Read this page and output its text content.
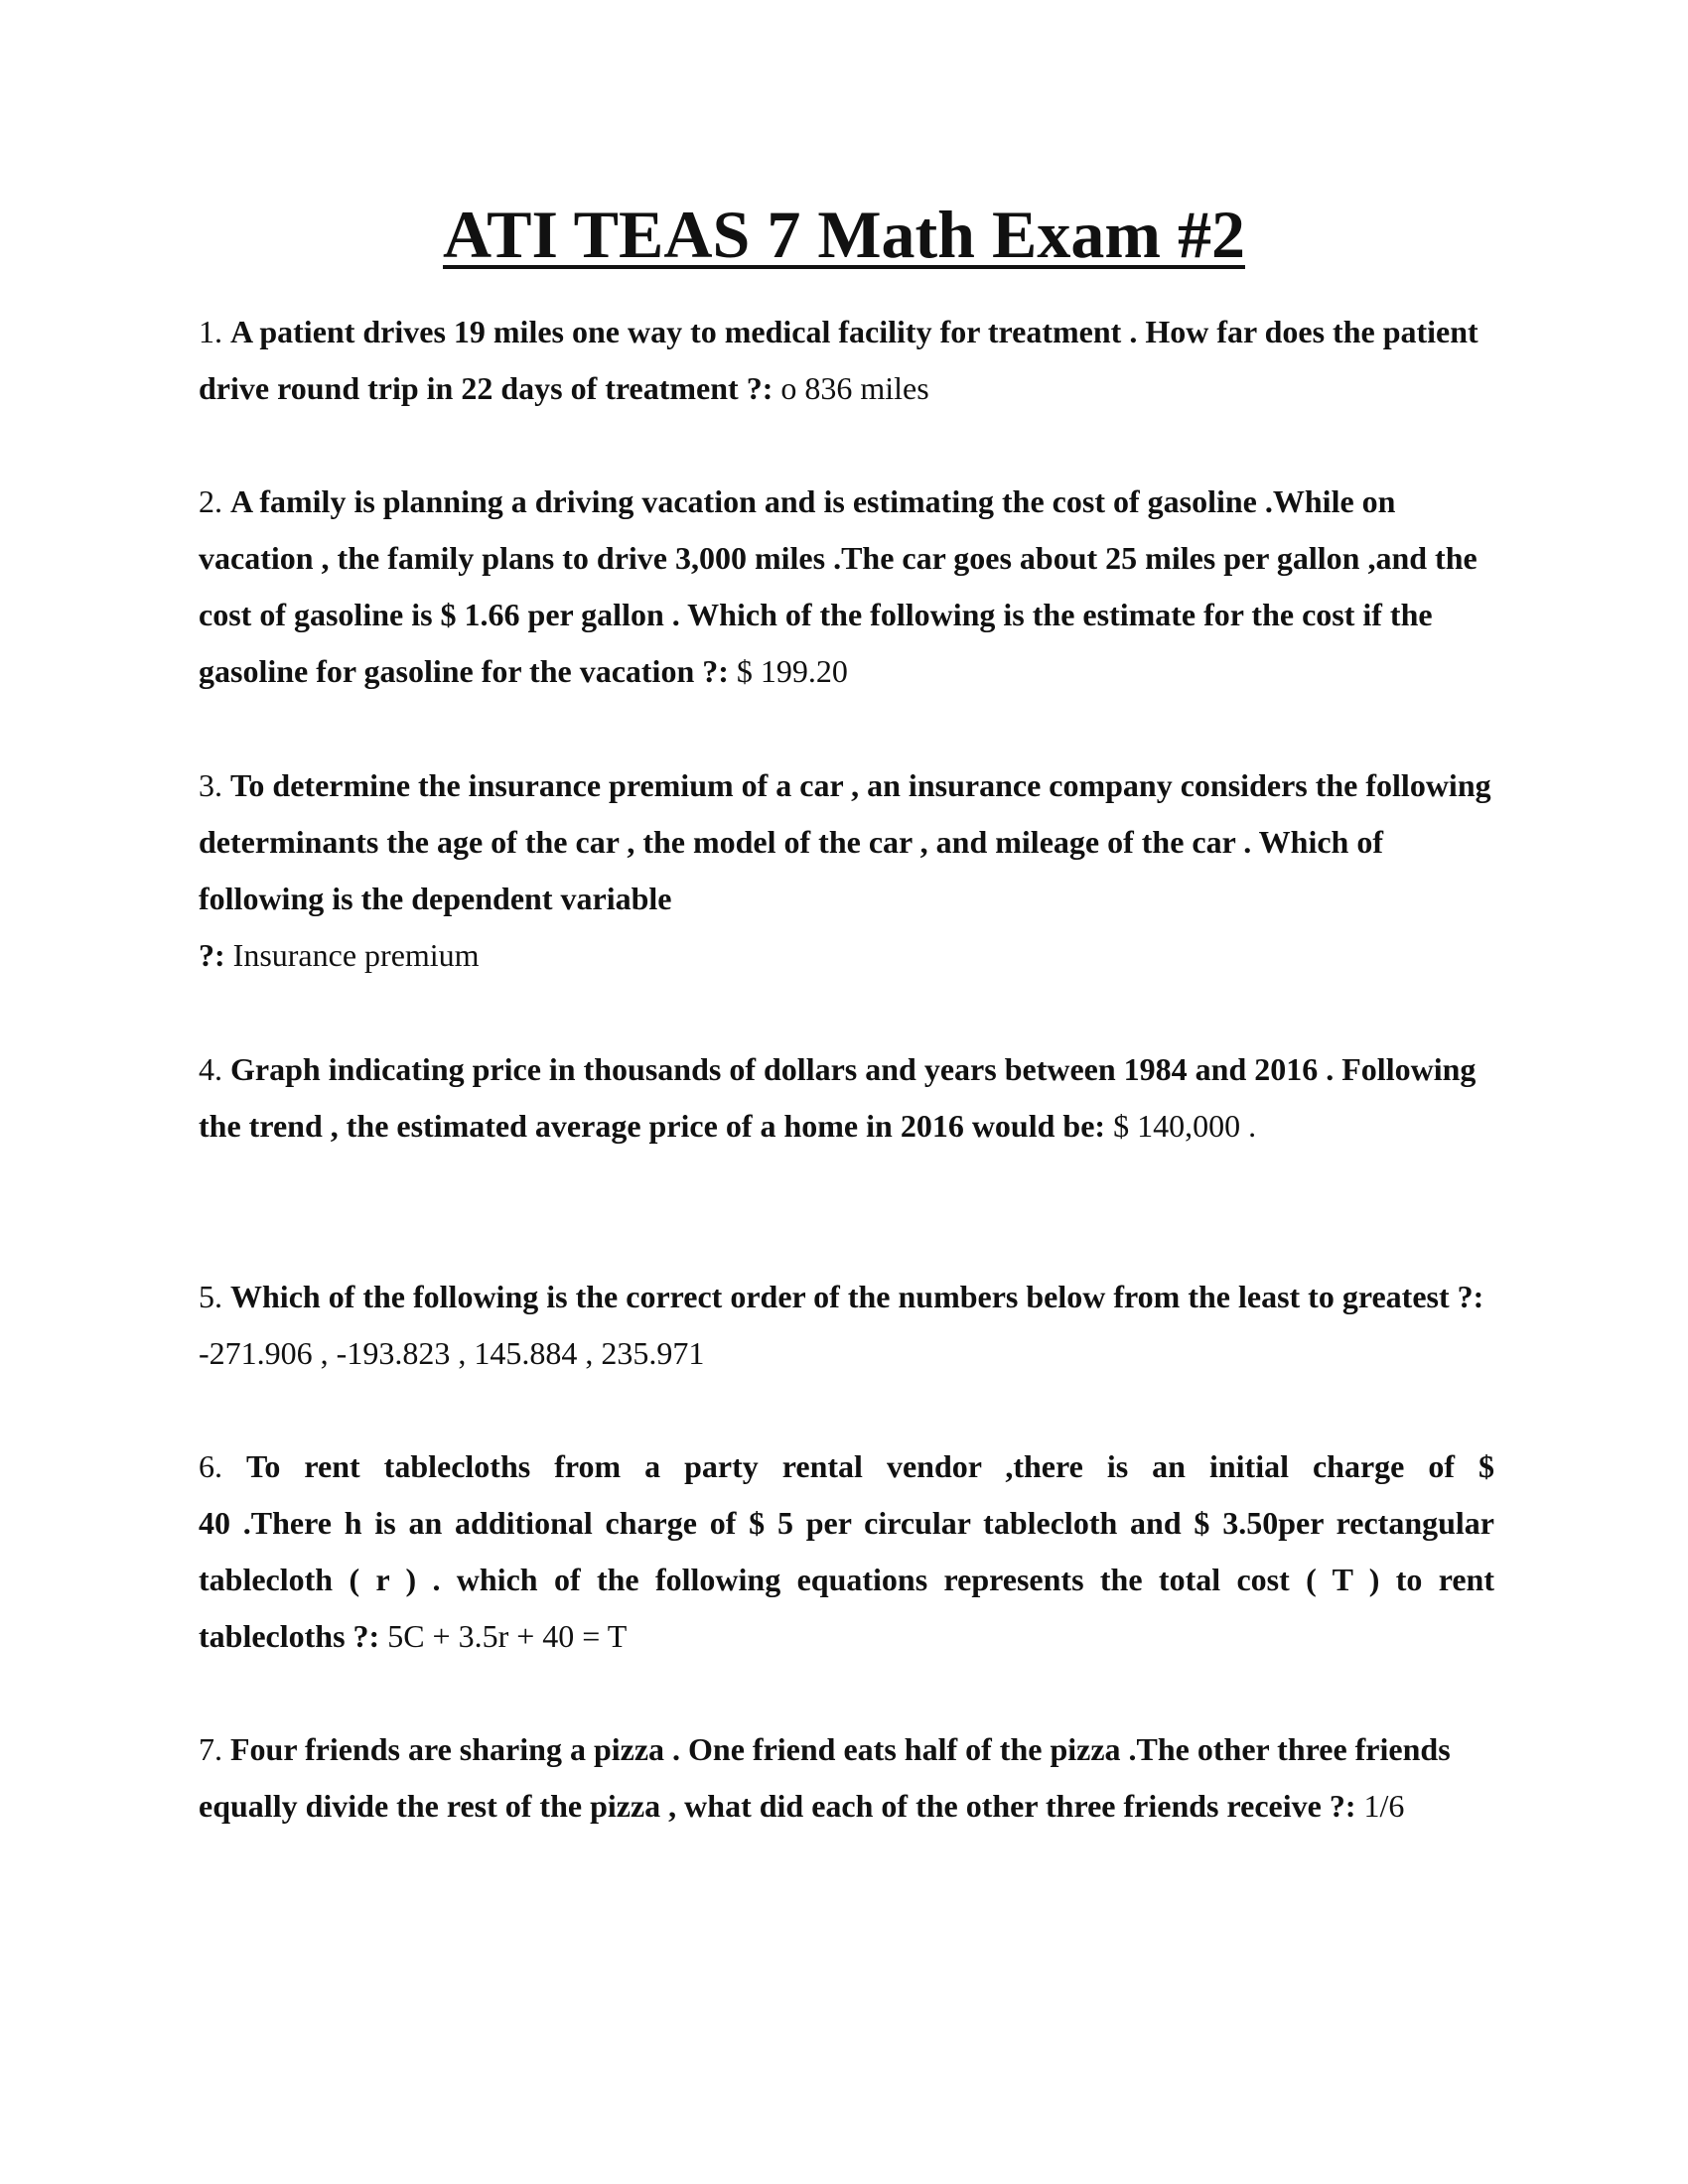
ATI TEAS 7 Math Exam #2
1. A patient drives 19 miles one way to medical facility for treatment . How far does the patient drive round trip in 22 days of treatment ?: o 836 miles
2. A family is planning a driving vacation and is estimating the cost of gasoline .While on vacation , the family plans to drive 3,000 miles .The car goes about 25 miles per gallon ,and the cost of gasoline is $ 1.66 per gallon . Which of the following is the estimate for the cost if the gasoline for gasoline for the vacation ?: $ 199.20
3. To determine the insurance premium of a car , an insurance company considers the following determinants the age of the car , the model of the car , and mileage of the car . Which of following is the dependent variable
?: Insurance premium
4. Graph indicating price in thousands of dollars and years between 1984 and 2016 . Following the trend , the estimated average price of a home in 2016 would be: $ 140,000 .
5. Which of the following is the correct order of the numbers below from the least to greatest ?: -271.906 , -193.823 , 145.884 , 235.971
6. To rent tablecloths from a party rental vendor ,there is an initial charge of $
40 .There h is an additional charge of $ 5 per circular tablecloth and $ 3.50per rectangular
tablecloth ( r ) . which of the following equations represents the total cost ( T ) to rent
tablecloths ?: 5C + 3.5r + 40 = T
7. Four friends are sharing a pizza . One friend eats half of the pizza .The other three friends equally divide the rest of the pizza , what did each of the other three friends receive ?: 1/6
